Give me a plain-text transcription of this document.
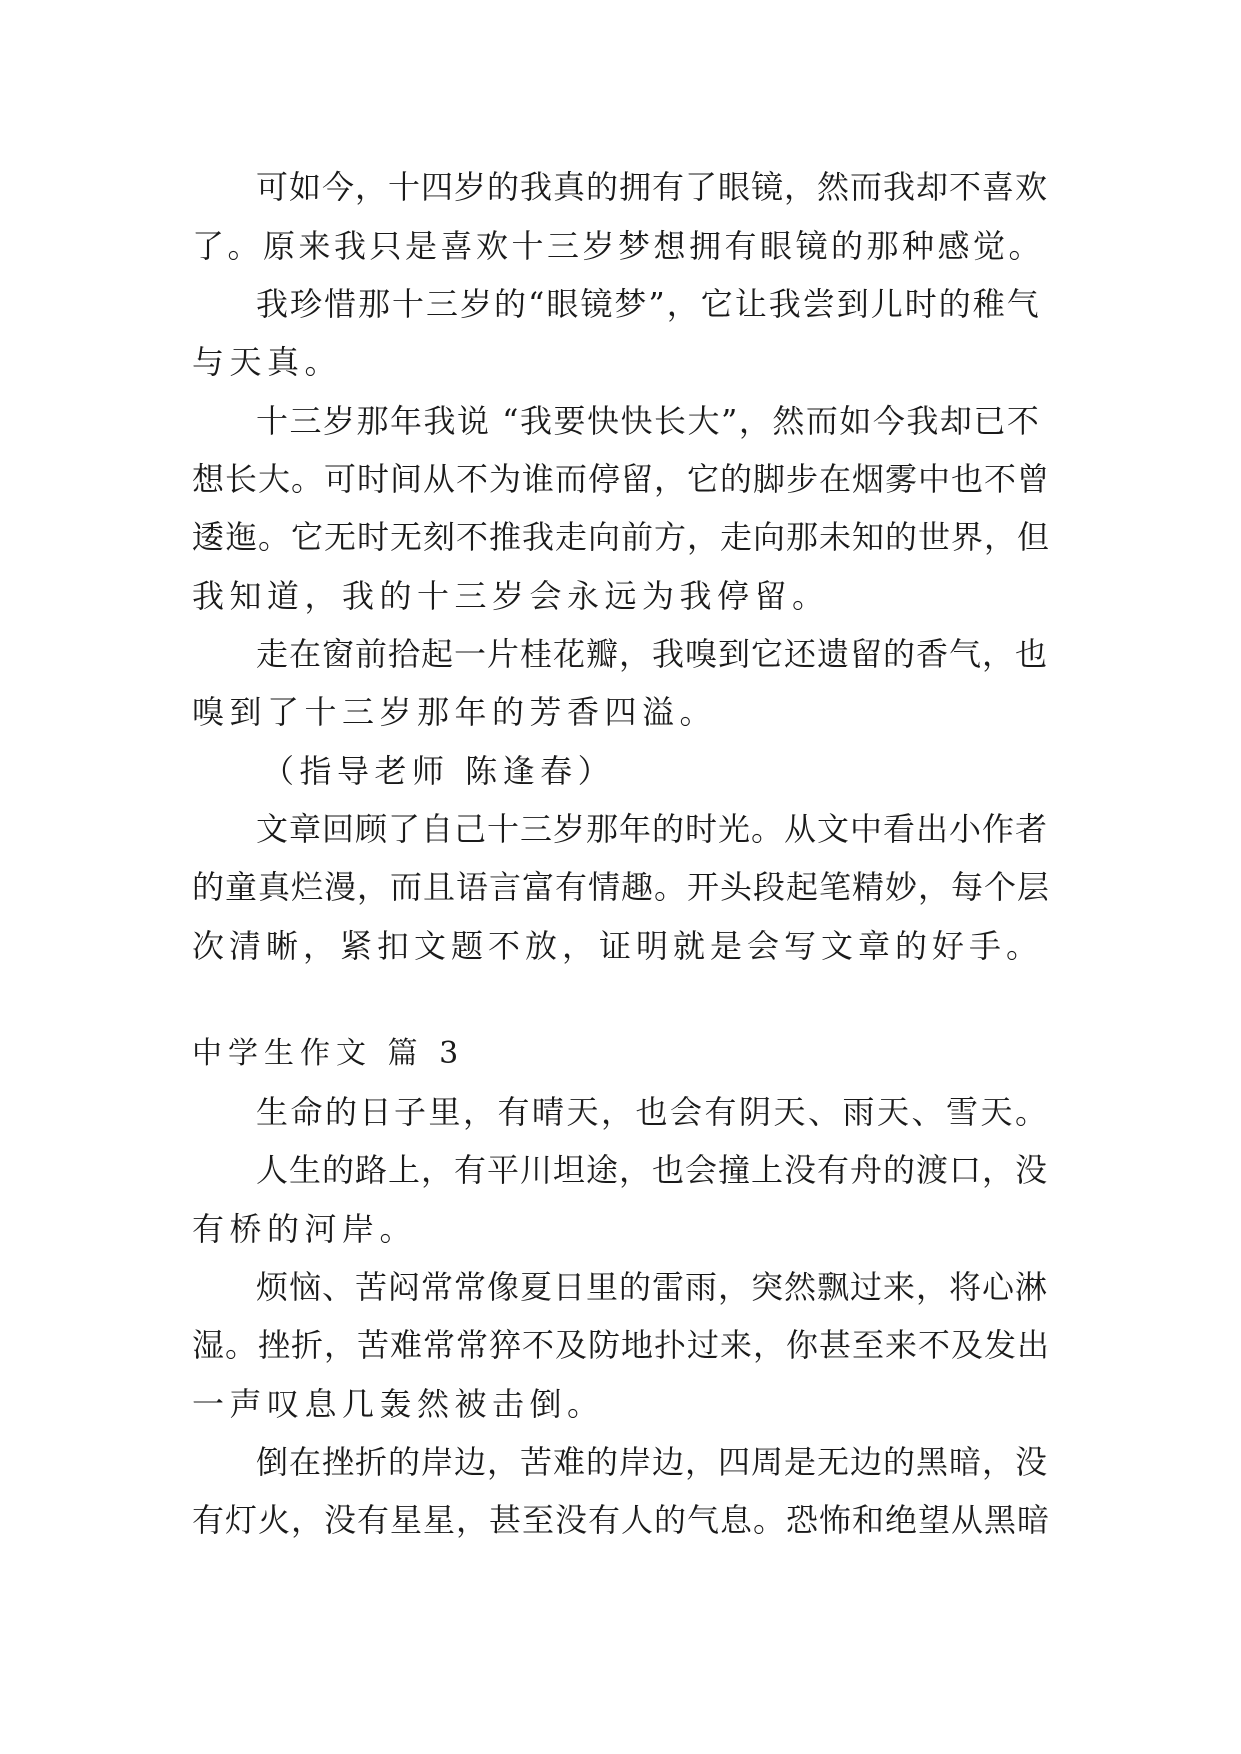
可如今，十四岁的我真的拥有了眼镜，然而我却不喜欢
了。原来我只是喜欢十三岁梦想拥有眼镜的那种感觉。
我珍惜那十三岁的“眼镜梦”，它让我尝到儿时的稚气
与天真。
十三岁那年我说 “我要快快长大”，然而如今我却已不
想长大。可时间从不为谁而停留，它的脚步在烟雾中也不曾
逶迤。它无时无刻不推我走向前方，走向那未知的世界，但
我知道，我的十三岁会永远为我停留。
走在窗前拾起一片桂花瓣，我嗅到它还遗留的香气，也
嗅到了十三岁那年的芳香四溢。
（指导老师 陈逢春）
文章回顾了自己十三岁那年的时光。从文中看出小作者
的童真烂漫，而且语言富有情趣。开头段起笔精妙，每个层
次清晰，紧扣文题不放，证明就是会写文章的好手。
中学生作文 篇 3
生命的日子里，有晴天，也会有阴天、雨天、雪天。
人生的路上，有平川坦途，也会撞上没有舟的渡口，没
有桥的河岸。
烦恼、苦闷常常像夏日里的雷雨，突然飘过来，将心淋
湿。挫折，苦难常常猝不及防地扑过来，你甚至来不及发出
一声叹息几轰然被击倒。
倒在挫折的岸边，苦难的岸边，四周是无边的黑暗，没
有灯火，没有星星，甚至没有人的气息。恐怖和绝望从黑暗
